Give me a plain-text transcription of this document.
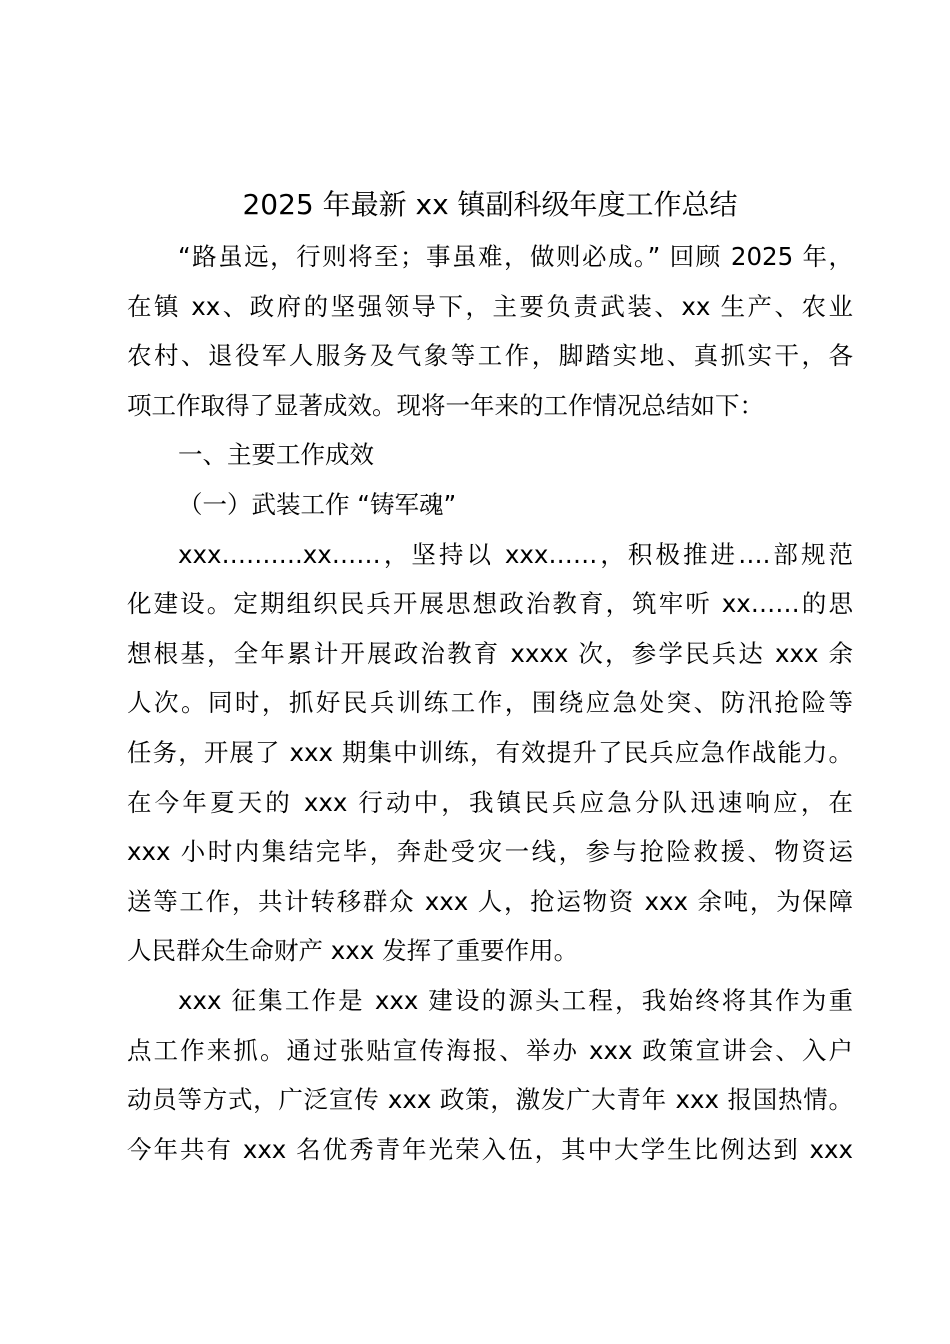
2025 年最新 xx 镇副科级年度工作总结
“路虽远，行则将至；事虽难，做则必成。” 回顾 2025 年，
在镇 xx、政府的坚强领导下，主要负责武装、xx 生产、农业
农村、退役军人服务及气象等工作，脚踏实地、真抓实干，各
项工作取得了显著成效。现将一年来的工作情况总结如下：
一、主要工作成效
（一）武装工作 “铸军魂”
xxx……….xx……，坚持以 xxx……，积极推进….部规范
化建设。定期组织民兵开展思想政治教育，筑牢听 xx……的思
想根基，全年累计开展政治教育 xxxx 次，参学民兵达 xxx 余
人次。同时，抓好民兵训练工作，围绕应急处突、防汛抢险等
任务，开展了 xxx 期集中训练，有效提升了民兵应急作战能力。
在今年夏天的 xxx 行动中，我镇民兵应急分队迅速响应，在
xxx 小时内集结完毕，奔赴受灾一线，参与抢险救援、物资运
送等工作，共计转移群众 xxx 人，抢运物资 xxx 余吨，为保障
人民群众生命财产 xxx 发挥了重要作用。
xxx 征集工作是 xxx 建设的源头工程，我始终将其作为重
点工作来抓。通过张贴宣传海报、举办 xxx 政策宣讲会、入户
动员等方式，广泛宣传 xxx 政策，激发广大青年 xxx 报国热情。
今年共有 xxx 名优秀青年光荣入伍，其中大学生比例达到 xxx
